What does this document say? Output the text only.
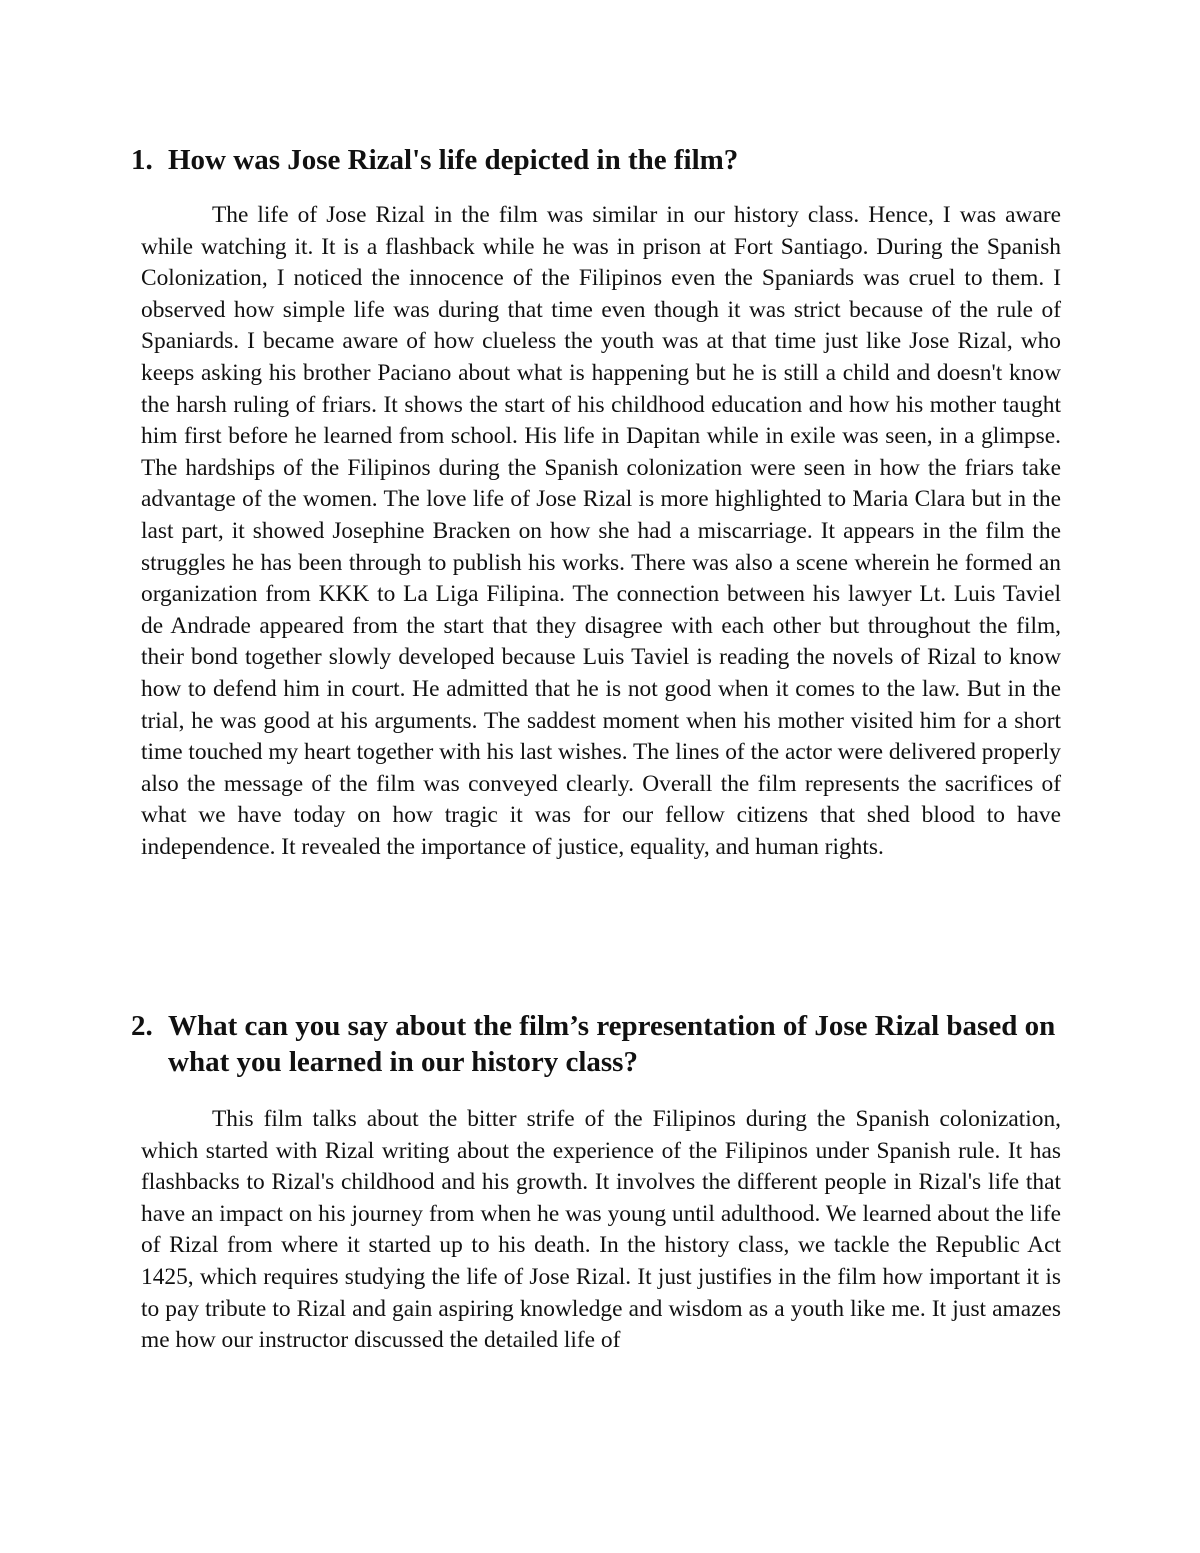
1. How was Jose Rizal's life depicted in the film?

The life of Jose Rizal in the film was similar in our history class. Hence, I was aware while watching it. It is a flashback while he was in prison at Fort Santiago. During the Spanish Colonization, I noticed the innocence of the Filipinos even the Spaniards was cruel to them. I observed how simple life was during that time even though it was strict because of the rule of Spaniards. I became aware of how clueless the youth was at that time just like Jose Rizal, who keeps asking his brother Paciano about what is happening but he is still a child and doesn't know the harsh ruling of friars. It shows the start of his childhood education and how his mother taught him first before he learned from school. His life in Dapitan while in exile was seen, in a glimpse. The hardships of the Filipinos during the Spanish colonization were seen in how the friars take advantage of the women. The love life of Jose Rizal is more highlighted to Maria Clara but in the last part, it showed Josephine Bracken on how she had a miscarriage. It appears in the film the struggles he has been through to publish his works. There was also a scene wherein he formed an organization from KKK to La Liga Filipina. The connection between his lawyer Lt. Luis Taviel de Andrade appeared from the start that they disagree with each other but throughout the film, their bond together slowly developed because Luis Taviel is reading the novels of Rizal to know how to defend him in court. He admitted that he is not good when it comes to the law. But in the trial, he was good at his arguments. The saddest moment when his mother visited him for a short time touched my heart together with his last wishes. The lines of the actor were delivered properly also the message of the film was conveyed clearly. Overall the film represents the sacrifices of what we have today on how tragic it was for our fellow citizens that shed blood to have independence. It revealed the importance of justice, equality, and human rights.

2. What can you say about the film’s representation of Jose Rizal based on what you learned in our history class?

This film talks about the bitter strife of the Filipinos during the Spanish colonization, which started with Rizal writing about the experience of the Filipinos under Spanish rule. It has flashbacks to Rizal's childhood and his growth. It involves the different people in Rizal's life that have an impact on his journey from when he was young until adulthood. We learned about the life of Rizal from where it started up to his death. In the history class, we tackle the Republic Act 1425, which requires studying the life of Jose Rizal. It just justifies in the film how important it is to pay tribute to Rizal and gain aspiring knowledge and wisdom as a youth like me. It just amazes me how our instructor discussed the detailed life of
